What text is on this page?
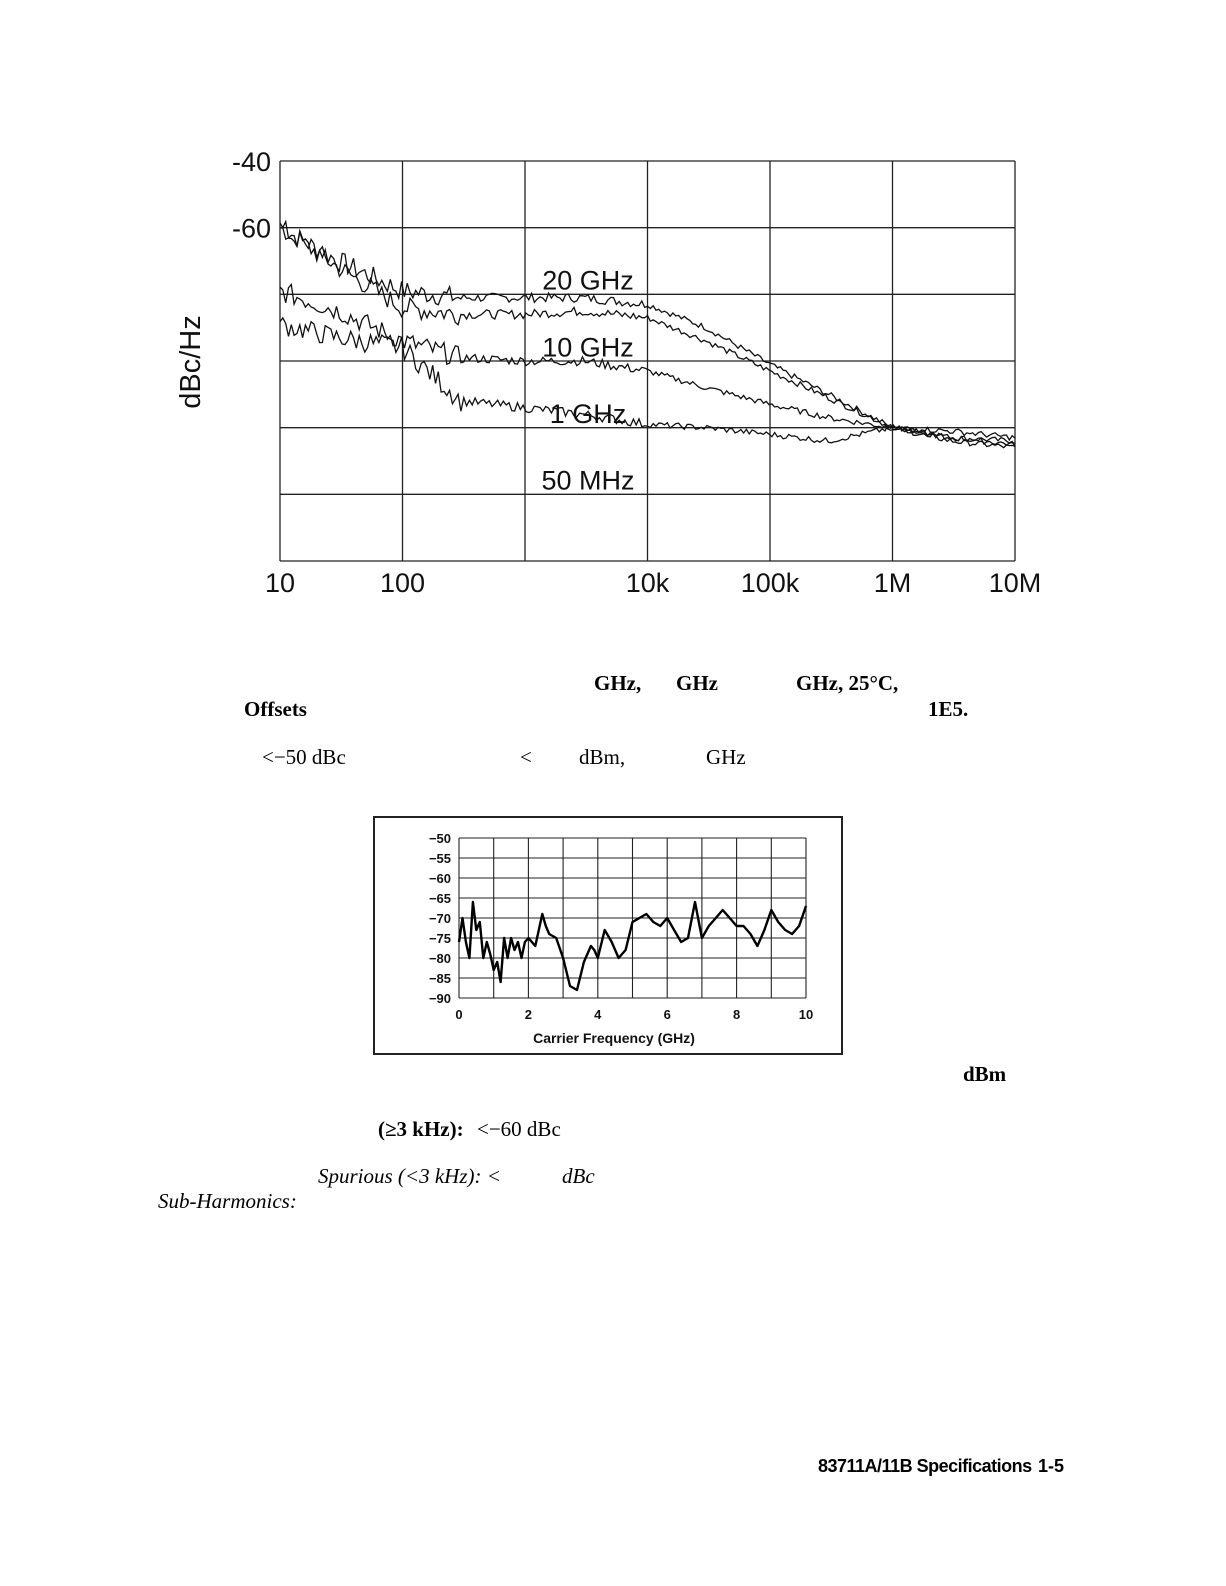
10	100	10k	100k	1M	10M
-40
-60
20 GHz
10 GHz
1 GHz
50 MHz
dBc/Hz
GHz, GHz	GHz, 25°C,
Offsets	1E5.
<−50 dBc	< dBm,	GHz
0	2	4	6	8	10
−50
−55
−60
−65
−70
−75
−80
−85
−90
Carrier Frequency (GHz)
dBm
(≥3 kHz): <−60 dBc
Spurious (<3 kHz): <	dBc
Sub-Harmonics:
83711A/11B Specifications 1-5
